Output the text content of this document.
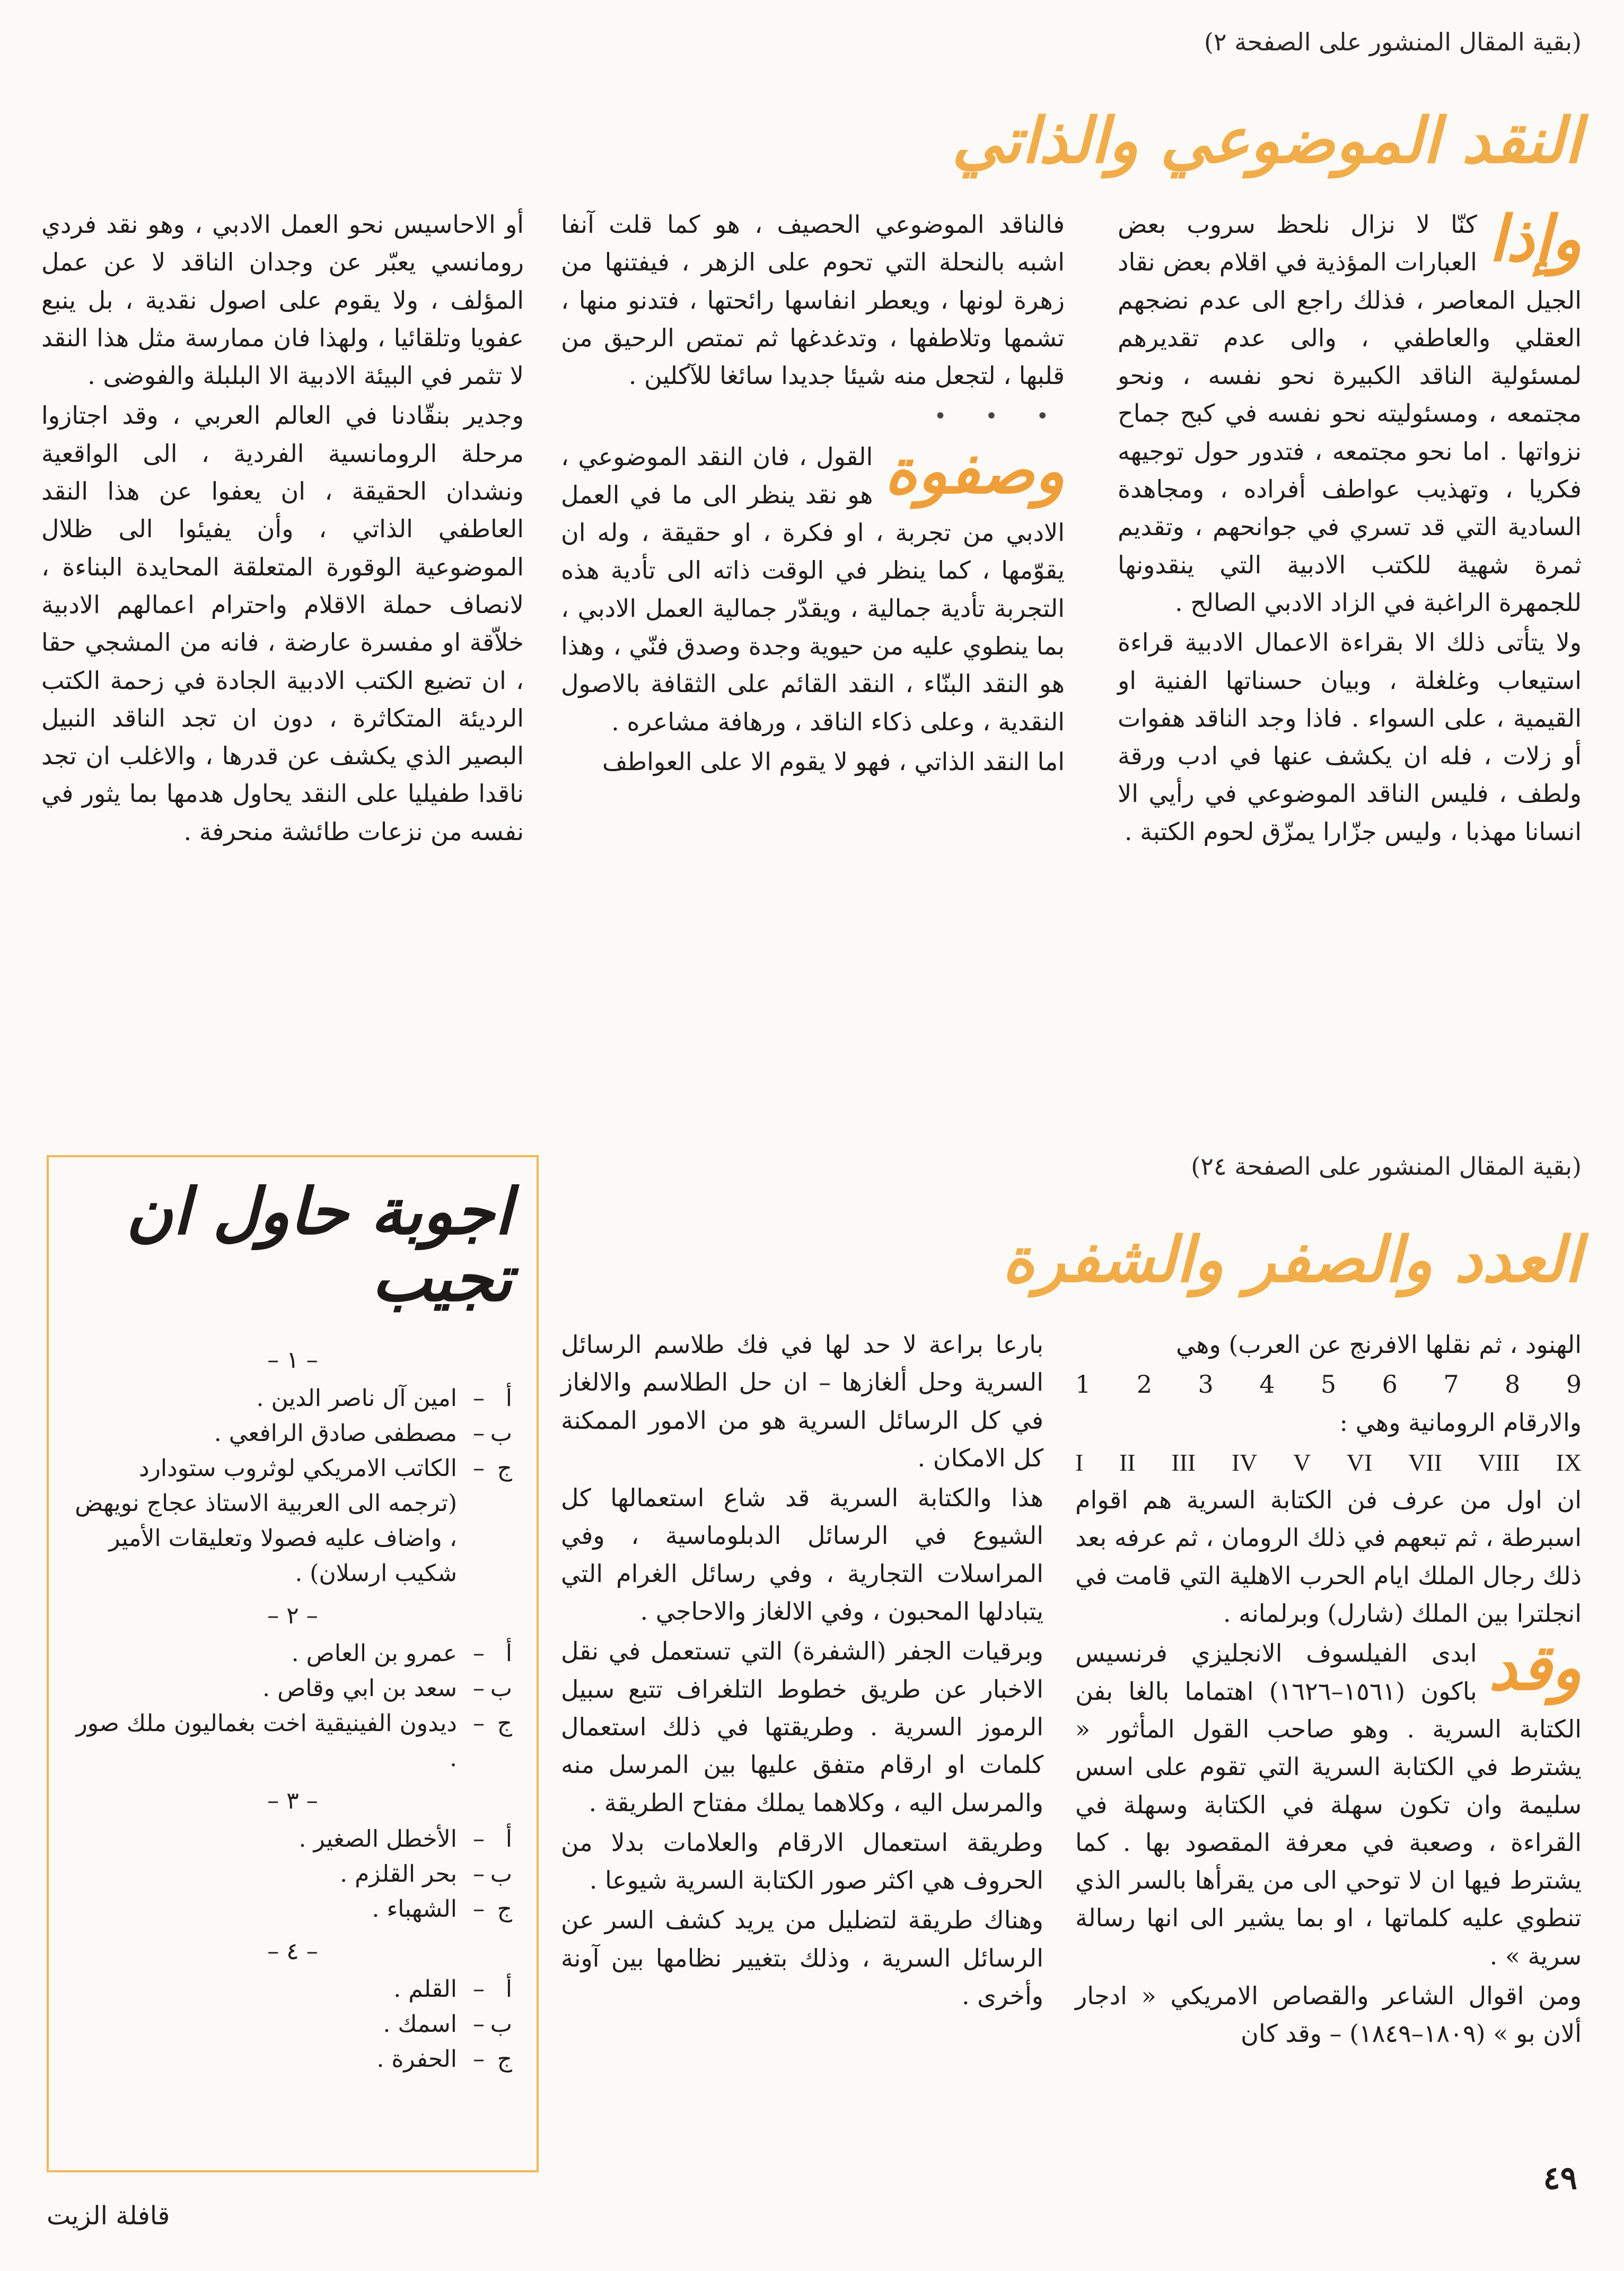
(بقية المقال المنشور على الصفحة ٢)
النقد الموضوعي والذاتي
وإذا

كنّا لا نزال نلحظ سروب بعض العبارات المؤذية في اقلام بعض نقاد الجيل المعاصر ، فذلك راجع الى عدم نضجهم العقلي والعاطفي ، والى عدم تقديرهم لمسئولية الناقد الكبيرة نحو نفسه ، ونحو مجتمعه ، ومسئوليته نحو نفسه في كبح جماح نزواتها . اما نحو مجتمعه ، فتدور حول توجيهه فكريا ، وتهذيب عواطف أفراده ، ومجاهدة السادية التي قد تسري في جوانحهم ، وتقديم ثمرة شهية للكتب الادبية التي ينقدونها للجمهرة الراغبة في الزاد الادبي الصالح .

ولا يتأتى ذلك الا بقراءة الاعمال الادبية قراءة استيعاب وغلغلة ، وبيان حسناتها الفنية او القيمية ، على السواء . فاذا وجد الناقد هفوات أو زلات ، فله ان يكشف عنها في ادب ورقة ولطف ، فليس الناقد الموضوعي في رأيي الا انسانا مهذبا ، وليس جزّارا يمزّق لحوم الكتبة .

فالناقد الموضوعي الحصيف ، هو كما قلت آنفا اشبه بالنحلة التي تحوم على الزهر ، فيفتنها من زهرة لونها ، ويعطر انفاسها رائحتها ، فتدنو منها ، تشمها وتلاطفها ، وتدغدغها ثم تمتص الرحيق من قلبها ، لتجعل منه شيئا جديدا سائغا للآكلين .

• • •
وصفوة

القول ، فان النقد الموضوعي ، هو نقد ينظر الى ما في العمل الادبي من تجربة ، او فكرة ، او حقيقة ، وله ان يقوّمها ، كما ينظر في الوقت ذاته الى تأدية هذه التجربة تأدية جمالية ، ويقدّر جمالية العمل الادبي ، بما ينطوي عليه من حيوية وجدة وصدق فنّي ، وهذا هو النقد البنّاء ، النقد القائم على الثقافة بالاصول النقدية ، وعلى ذكاء الناقد ، ورهافة مشاعره .

اما النقد الذاتي ، فهو لا يقوم الا على العواطف

أو الاحاسيس نحو العمل الادبي ، وهو نقد فردي رومانسي يعبّر عن وجدان الناقد لا عن عمل المؤلف ، ولا يقوم على اصول نقدية ، بل ينبع عفويا وتلقائيا ، ولهذا فان ممارسة مثل هذا النقد لا تثمر في البيئة الادبية الا البلبلة والفوضى .

وجدير بنقّادنا في العالم العربي ، وقد اجتازوا مرحلة الرومانسية الفردية ، الى الواقعية ونشدان الحقيقة ، ان يعفوا عن هذا النقد العاطفي الذاتي ، وأن يفيئوا الى ظلال الموضوعية الوقورة المتعلقة المحايدة البناءة ، لانصاف حملة الاقلام واحترام اعمالهم الادبية خلاّقة او مفسرة عارضة ، فانه من المشجي حقا ، ان تضيع الكتب الادبية الجادة في زحمة الكتب الرديئة المتكاثرة ، دون ان تجد الناقد النبيل البصير الذي يكشف عن قدرها ، والاغلب ان تجد ناقدا طفيليا على النقد يحاول هدمها بما يثور في نفسه من نزعات طائشة منحرفة .

(بقية المقال المنشور على الصفحة ٢٤)
العدد والصفر والشفرة

الهنود ، ثم نقلها الافرنج عن العرب) وهي

9
8
7
6
5
4
3
2
1

والارقام الرومانية وهي :

I II III IV V VI VII VIII IX

ان اول من عرف فن الكتابة السرية هم اقوام اسبرطة ، ثم تبعهم في ذلك الرومان ، ثم عرفه بعد ذلك رجال الملك ايام الحرب الاهلية التي قامت في انجلترا بين الملك (شارل) وبرلمانه .

وقد

ابدى الفيلسوف الانجليزي فرنسيس باكون (١٥٦١–١٦٢٦) اهتماما بالغا بفن الكتابة السرية . وهو صاحب القول المأثور « يشترط في الكتابة السرية التي تقوم على اسس سليمة وان تكون سهلة في الكتابة وسهلة في القراءة ، وصعبة في معرفة المقصود بها . كما يشترط فيها ان لا توحي الى من يقرأها بالسر الذي تنطوي عليه كلماتها ، او بما يشير الى انها رسالة سرية » .

ومن اقوال الشاعر والقصاص الامريكي « ادجار ألان بو » (١٨٠٩–١٨٤٩) – وقد كان

بارعا براعة لا حد لها في فك طلاسم الرسائل السرية وحل ألغازها – ان حل الطلاسم والالغاز في كل الرسائل السرية هو من الامور الممكنة كل الامكان .

هذا والكتابة السرية قد شاع استعمالها كل الشيوع في الرسائل الدبلوماسية ، وفي المراسلات التجارية ، وفي رسائل الغرام التي يتبادلها المحبون ، وفي الالغاز والاحاجي .

وبرقيات الجفر (الشفرة) التي تستعمل في نقل الاخبار عن طريق خطوط التلغراف تتبع سبيل الرموز السرية . وطريقتها في ذلك استعمال كلمات او ارقام متفق عليها بين المرسل منه والمرسل اليه ، وكلاهما يملك مفتاح الطريقة .

وطريقة استعمال الارقام والعلامات بدلا من الحروف هي اكثر صور الكتابة السرية شيوعا .

وهناك طريقة لتضليل من يريد كشف السر عن الرسائل السرية ، وذلك بتغيير نظامها بين آونة وأخرى .

اجوبة حاول ان تجيب
– ١ –
أ
–
امين آل ناصر الدين .
ب
–
مصطفى صادق الرافعي .
ج
–
الكاتب الامريكي لوثروب ستودارد (ترجمه الى العربية الاستاذ عجاج نويهض ، واضاف عليه فصولا وتعليقات الأمير شكيب ارسلان) .
– ٢ –
أ
–
عمرو بن العاص .
ب
–
سعد بن ابي وقاص .
ج
–
ديدون الفينيقية اخت بغماليون ملك صور .
– ٣ –
أ
–
الأخطل الصغير .
ب
–
بحر القلزم .
ج
–
الشهباء .
– ٤ –
أ
–
القلم .
ب
–
اسمك .
ج
–
الحفرة .
٤٩
قافلة الزيت
